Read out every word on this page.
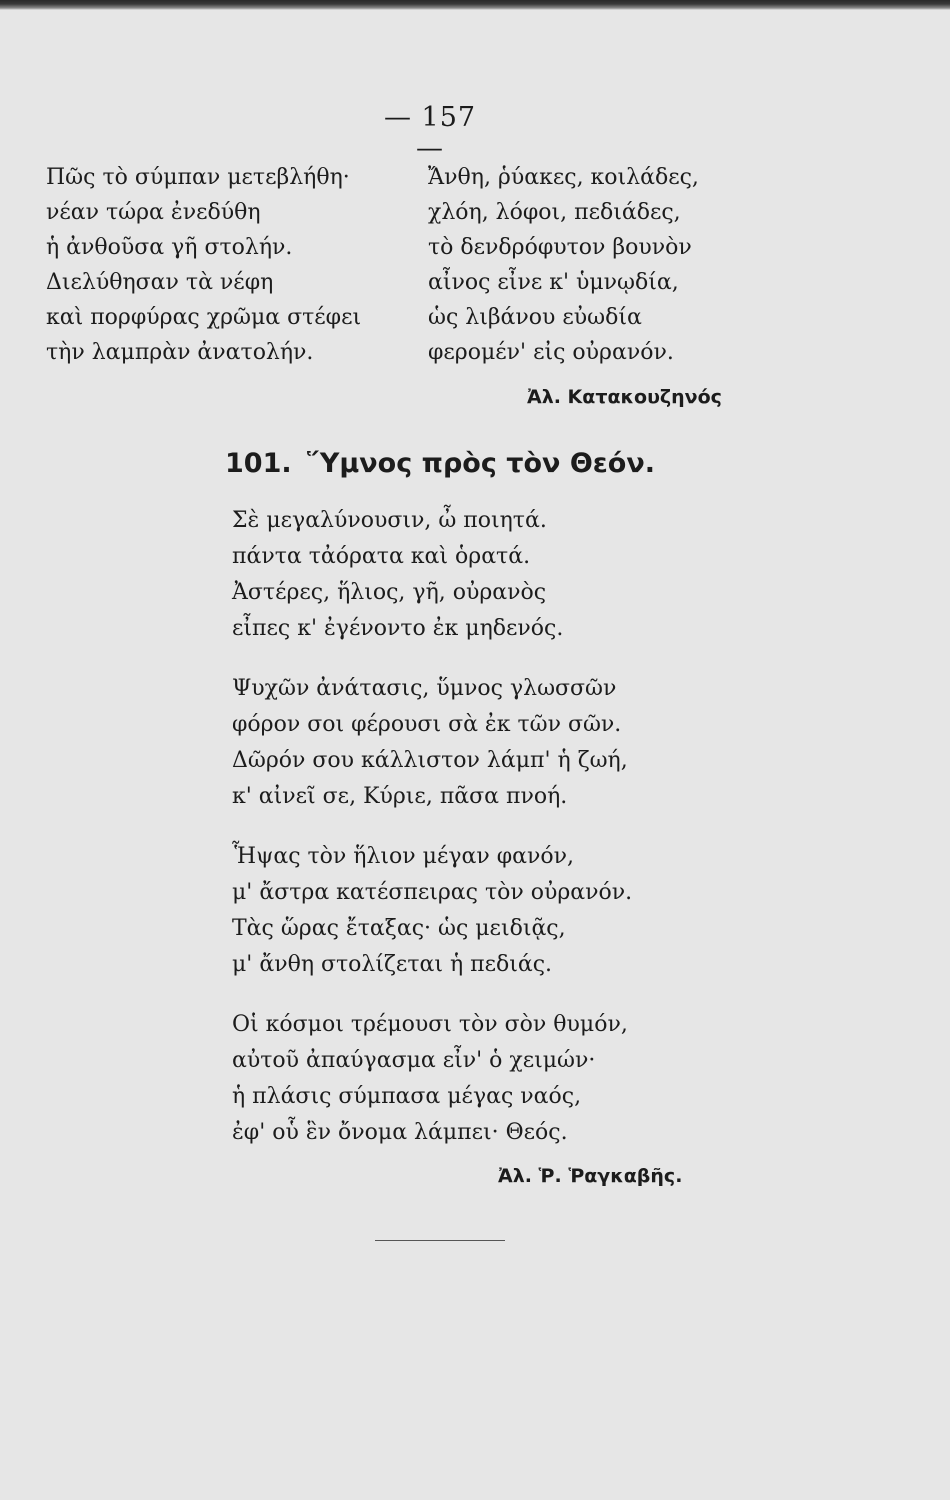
— 157 —
Πῶς τὸ σύμπαν μετεβλήθη·
νέαν τώρα ἐνεδύθη
ἡ ἀνθοῦσα γῆ στολήν.
Διελύθησαν τὰ νέφη
καὶ πορφύρας χρῶμα στέφει
τὴν λαμπρὰν ἀνατολήν.
Ἄνθη, ῥύακες, κοιλάδες,
χλόη, λόφοι, πεδιάδες,
τὸ δενδρόφυτον βουνὸν
αἶνος εἶνε κ' ὑμνῳδία,
ὡς λιβάνου εὐωδία
φερομέν' εἰς οὐρανόν.
Ἀλ. Κατακουζηνός
101. Ὕμνος πρὸς τὸν Θεόν.
Σὲ μεγαλύνουσιν, ὦ ποιητά.
πάντα τἀόρατα καὶ ὁρατά.
Ἀστέρες, ἥλιος, γῆ, οὐρανὸς
εἶπες κ' ἐγένοντο ἐκ μηδενός.
Ψυχῶν ἀνάτασις, ὕμνος γλωσσῶν
φόρον σοι φέρουσι σὰ ἐκ τῶν σῶν.
Δῶρόν σου κάλλιστον λάμπ' ἡ ζωή,
κ' αἰνεῖ σε, Κύριε, πᾶσα πνοή.
Ἧψας τὸν ἥλιον μέγαν φανόν,
μ' ἄστρα κατέσπειρας τὸν οὐρανόν.
Τὰς ὥρας ἔταξας· ὡς μειδιᾷς,
μ' ἄνθη στολίζεται ἡ πεδιάς.
Οἱ κόσμοι τρέμουσι τὸν σὸν θυμόν,
αὐτοῦ ἀπαύγασμα εἶν' ὁ χειμών·
ἡ πλάσις σύμπασα μέγας ναός,
ἐφ' οὗ ἓν ὄνομα λάμπει· Θεός.
Ἀλ. Ῥ. Ῥαγκαβῆς.
